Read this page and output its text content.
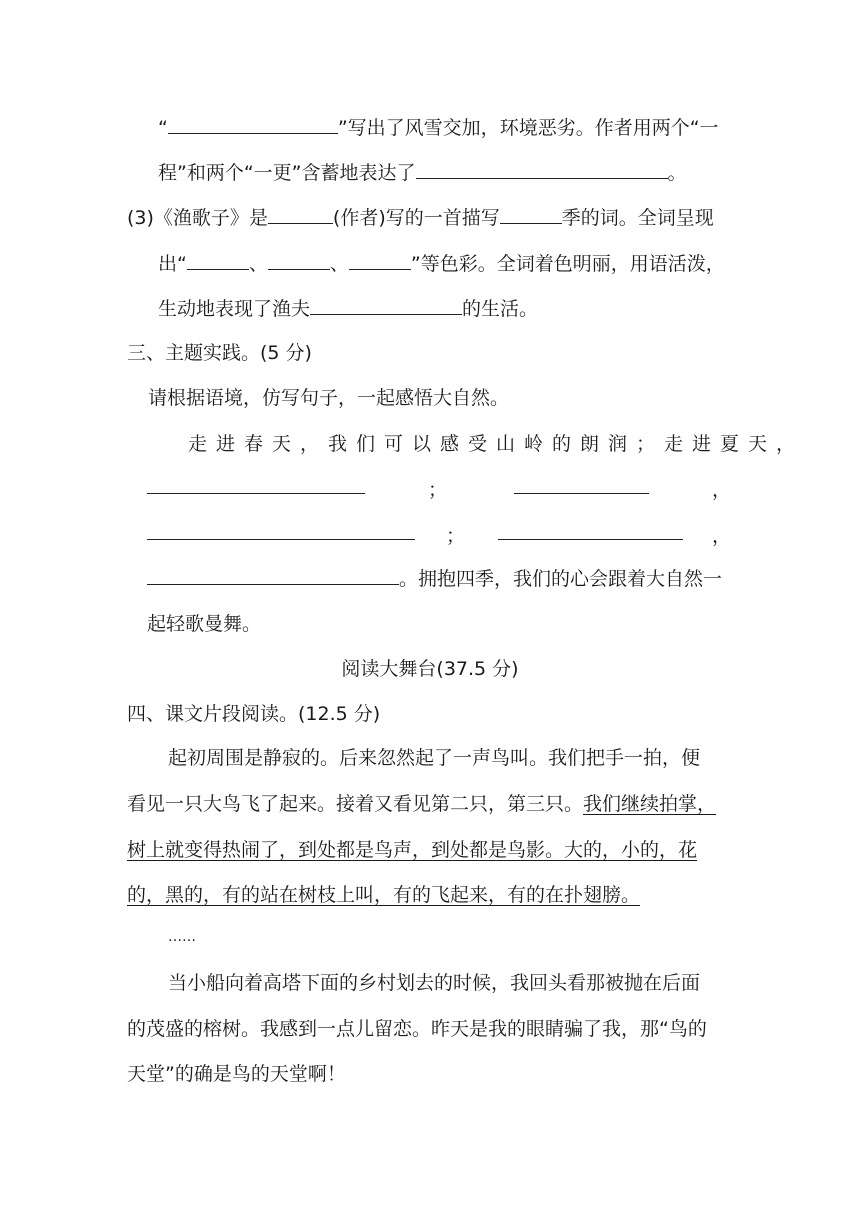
“	”写出了风雪交加，环境恶劣。作者用两个“一
程”和两个“一更”含蓄地表达了	。
(3)《渔歌子》是	(作者)写的一首描写	季的词。全词呈现
出“	、	、	”等色彩。全词着色明丽，用语活泼，
生动地表现了渔夫	的生活。
三、主题实践。(5 分)
请根据语境，仿写句子，一起感悟大自然。
走进春天，我们可以感受山岭的朗润；走进夏天，
；	，
；	，
。拥抱四季，我们的心会跟着大自然一
起轻歌曼舞。
阅读大舞台(37.5 分)
四、课文片段阅读。(12.5 分)
起初周围是静寂的。后来忽然起了一声鸟叫。我们把手一拍，便
看见一只大鸟飞了起来。接着又看见第二只，第三只。我们继续拍掌，
树上就变得热闹了，到处都是鸟声，到处都是鸟影。大的，小的，花
的，黑的，有的站在树枝上叫，有的飞起来，有的在扑翅膀。
……
当小船向着高塔下面的乡村划去的时候，我回头看那被抛在后面
的茂盛的榕树。我感到一点儿留恋。昨天是我的眼睛骗了我，那“鸟的
天堂”的确是鸟的天堂啊！
